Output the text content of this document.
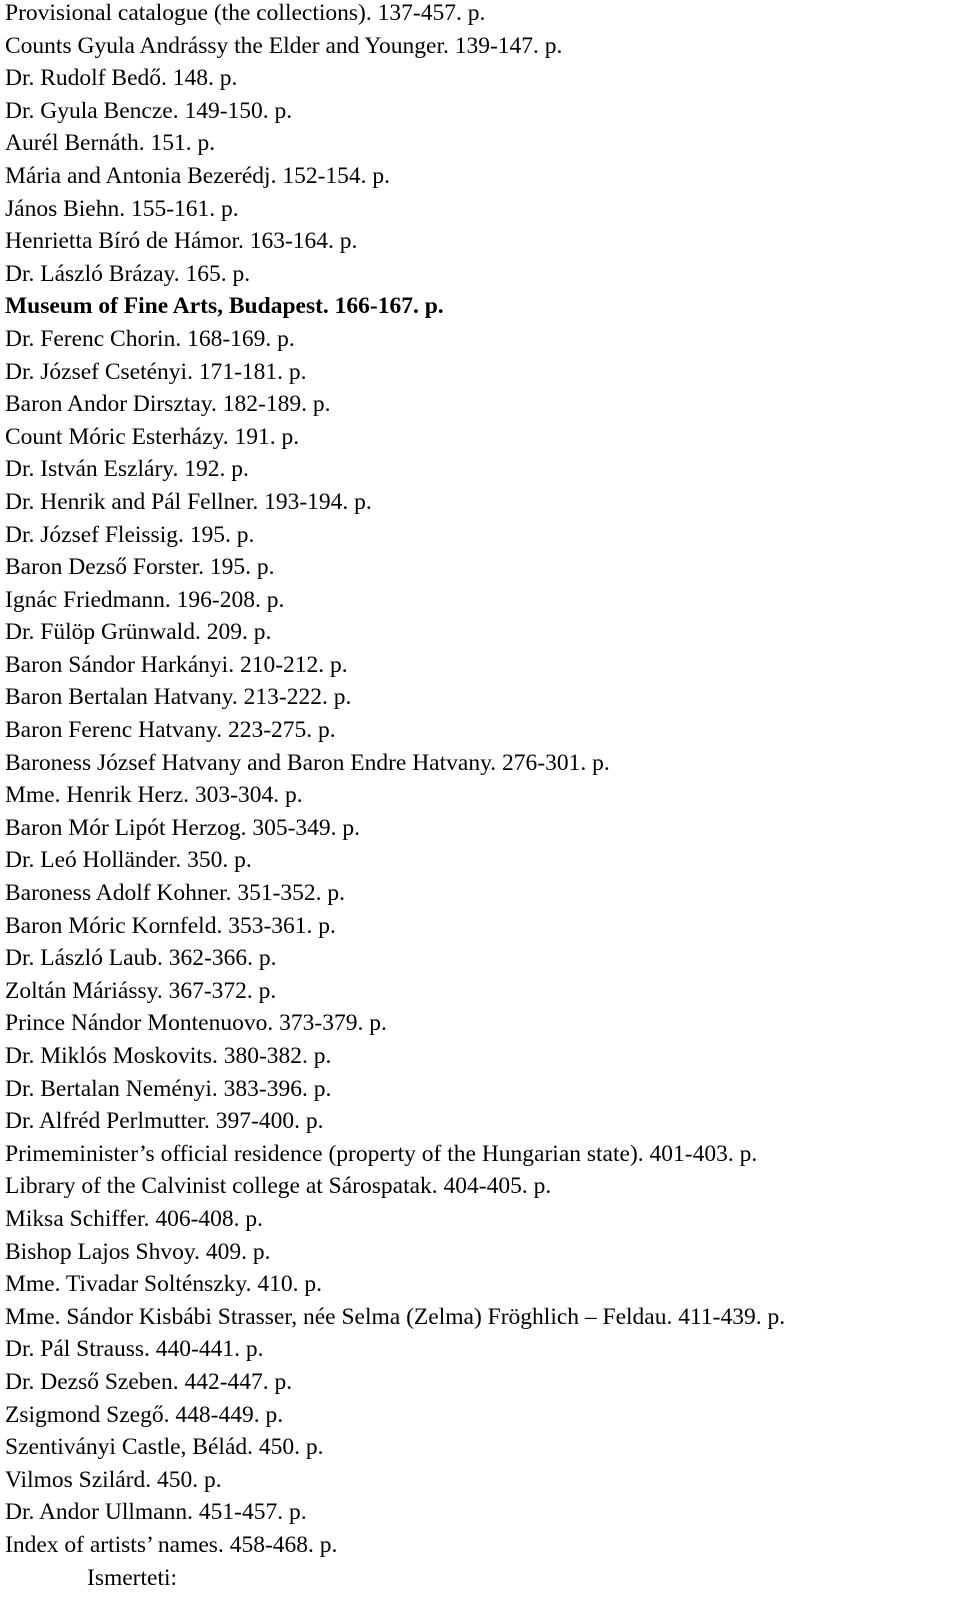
Provisional catalogue (the collections). 137-457. p.
Counts Gyula Andrássy the Elder and Younger. 139-147. p.
Dr. Rudolf Bedő. 148. p.
Dr. Gyula Bencze. 149-150. p.
Aurél Bernáth. 151. p.
Mária and Antonia Bezerédj. 152-154. p.
János Biehn. 155-161. p.
Henrietta Bíró de Hámor. 163-164. p.
Dr. László Brázay. 165. p.
Museum of Fine Arts, Budapest. 166-167. p.
Dr. Ferenc Chorin. 168-169. p.
Dr. József Csetényi. 171-181. p.
Baron Andor Dirsztay. 182-189. p.
Count Móric Esterházy. 191. p.
Dr. István Eszláry. 192. p.
Dr. Henrik and Pál Fellner. 193-194. p.
Dr. József Fleissig. 195. p.
Baron Dezső Forster. 195. p.
Ignác Friedmann. 196-208. p.
Dr. Fülöp Grünwald. 209. p.
Baron Sándor Harkányi. 210-212. p.
Baron Bertalan Hatvany. 213-222. p.
Baron Ferenc Hatvany. 223-275. p.
Baroness József Hatvany and Baron Endre Hatvany. 276-301. p.
Mme. Henrik Herz. 303-304. p.
Baron Mór Lipót Herzog. 305-349. p.
Dr. Leó Holländer. 350. p.
Baroness Adolf Kohner. 351-352. p.
Baron Móric Kornfeld. 353-361. p.
Dr. László Laub. 362-366. p.
Zoltán Máriássy. 367-372. p.
Prince Nándor Montenuovo. 373-379. p.
Dr. Miklós Moskovits. 380-382. p.
Dr. Bertalan Neményi. 383-396. p.
Dr. Alfréd Perlmutter. 397-400. p.
Primeminister’s official residence (property of the Hungarian state). 401-403. p.
Library of the Calvinist college at Sárospatak. 404-405. p.
Miksa Schiffer. 406-408. p.
Bishop Lajos Shvoy. 409. p.
Mme. Tivadar Solténszky. 410. p.
Mme. Sándor Kisbábi Strasser, née Selma (Zelma) Fröghlich – Feldau. 411-439. p.
Dr. Pál Strauss. 440-441. p.
Dr. Dezső Szeben. 442-447. p.
Zsigmond Szegő. 448-449. p.
Szentiványi Castle, Bélád. 450. p.
Vilmos Szilárd. 450. p.
Dr. Andor Ullmann. 451-457. p.
Index of artists’ names. 458-468. p.
Ismerteti:
